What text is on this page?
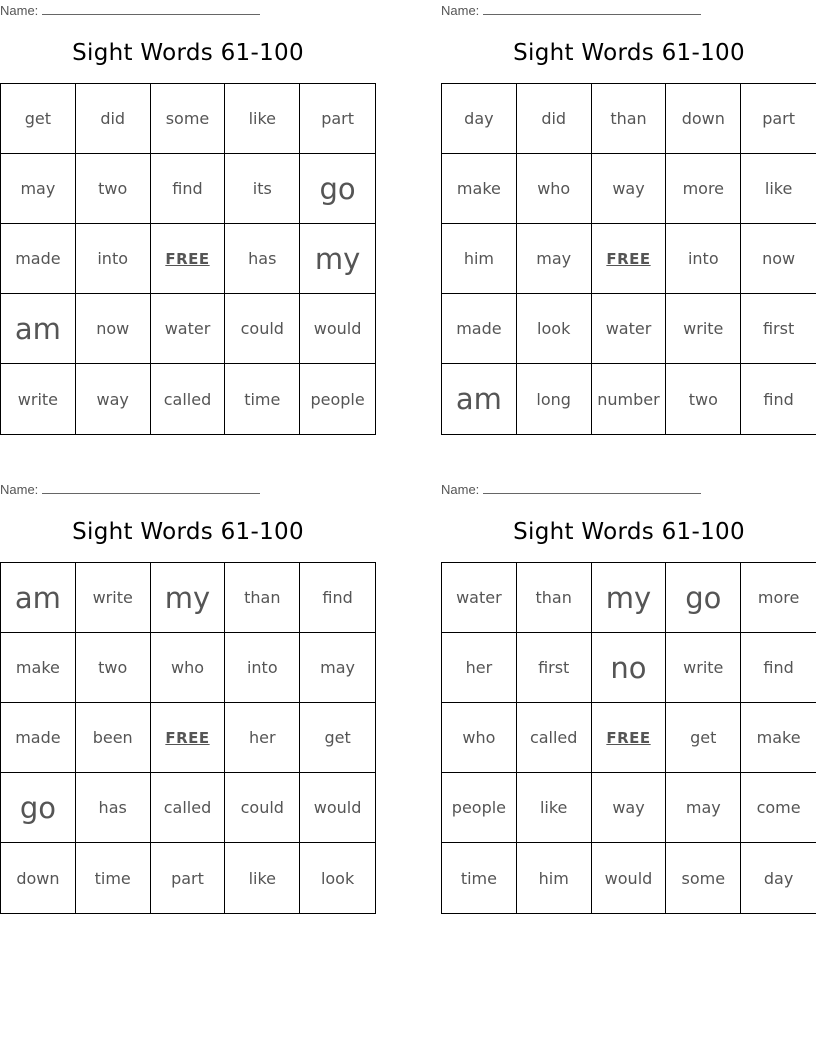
Name:
Sight Words 61-100
get	did	some	like	part
may	two	find	its	go
made	into	FREE	has	my
am	now	water	could	would
write	way	called	time	people
Name:
Sight Words 61-100
day	did	than	down	part
make	who	way	more	like
him	may	FREE	into	now
made	look	water	write	first
am	long	number	two	find
Name:
Sight Words 61-100
am	write	my	than	find
make	two	who	into	may
made	been	FREE	her	get
go	has	called	could	would
down	time	part	like	look
Name:
Sight Words 61-100
water	than	my	go	more
her	first	no	write	find
who	called	FREE	get	make
people	like	way	may	come
time	him	would	some	day
